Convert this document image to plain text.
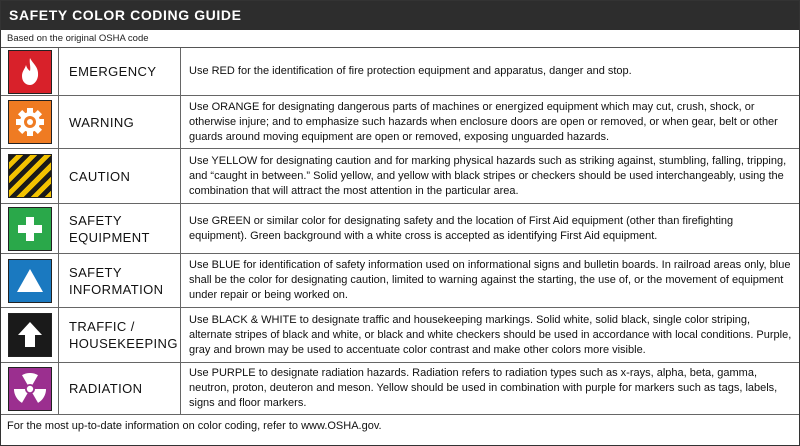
SAFETY COLOR CODING GUIDE
Based on the original OSHA code
EMERGENCY	Use RED for the identification of fire protection equipment and apparatus, danger and stop.
WARNING
Use ORANGE for designating dangerous parts of machines or energized equipment which may cut, crush, shock, or otherwise injure; and to emphasize such hazards when enclosure doors are open or removed, or when gear, belt or other guards around moving equipment are open or removed, exposing unguarded hazards.
CAUTION
Use YELLOW for designating caution and for marking physical hazards such as striking against, stumbling, falling, tripping, and “caught in between.” Solid yellow, and yellow with black stripes or checkers should be used interchangeably, using the combination that will attract the most attention in the particular area.
SAFETY EQUIPMENT
Use GREEN or similar color for designating safety and the location of First Aid equipment (other than firefighting equipment). Green background with a white cross is accepted as identifying First Aid equipment.
SAFETY INFORMATION
Use BLUE for identification of safety information used on informational signs and bulletin boards. In railroad areas only, blue shall be the color for designating caution, limited to warning against the starting, the use of, or the movement of equipment under repair or being worked on.
TRAFFIC / HOUSEKEEPING
Use BLACK & WHITE to designate traffic and housekeeping markings. Solid white, solid black, single color striping, alternate stripes of black and white, or black and white checkers should be used in accordance with local conditions. Purple, gray and brown may be used to accentuate color contrast and make other colors more visible.
RADIATION
Use PURPLE to designate radiation hazards. Radiation refers to radiation types such as x-rays, alpha, beta, gamma, neutron, proton, deuteron and meson. Yellow should be used in combination with purple for markers such as tags, labels, signs and floor markers.
For the most up-to-date information on color coding, refer to www.OSHA.gov.
